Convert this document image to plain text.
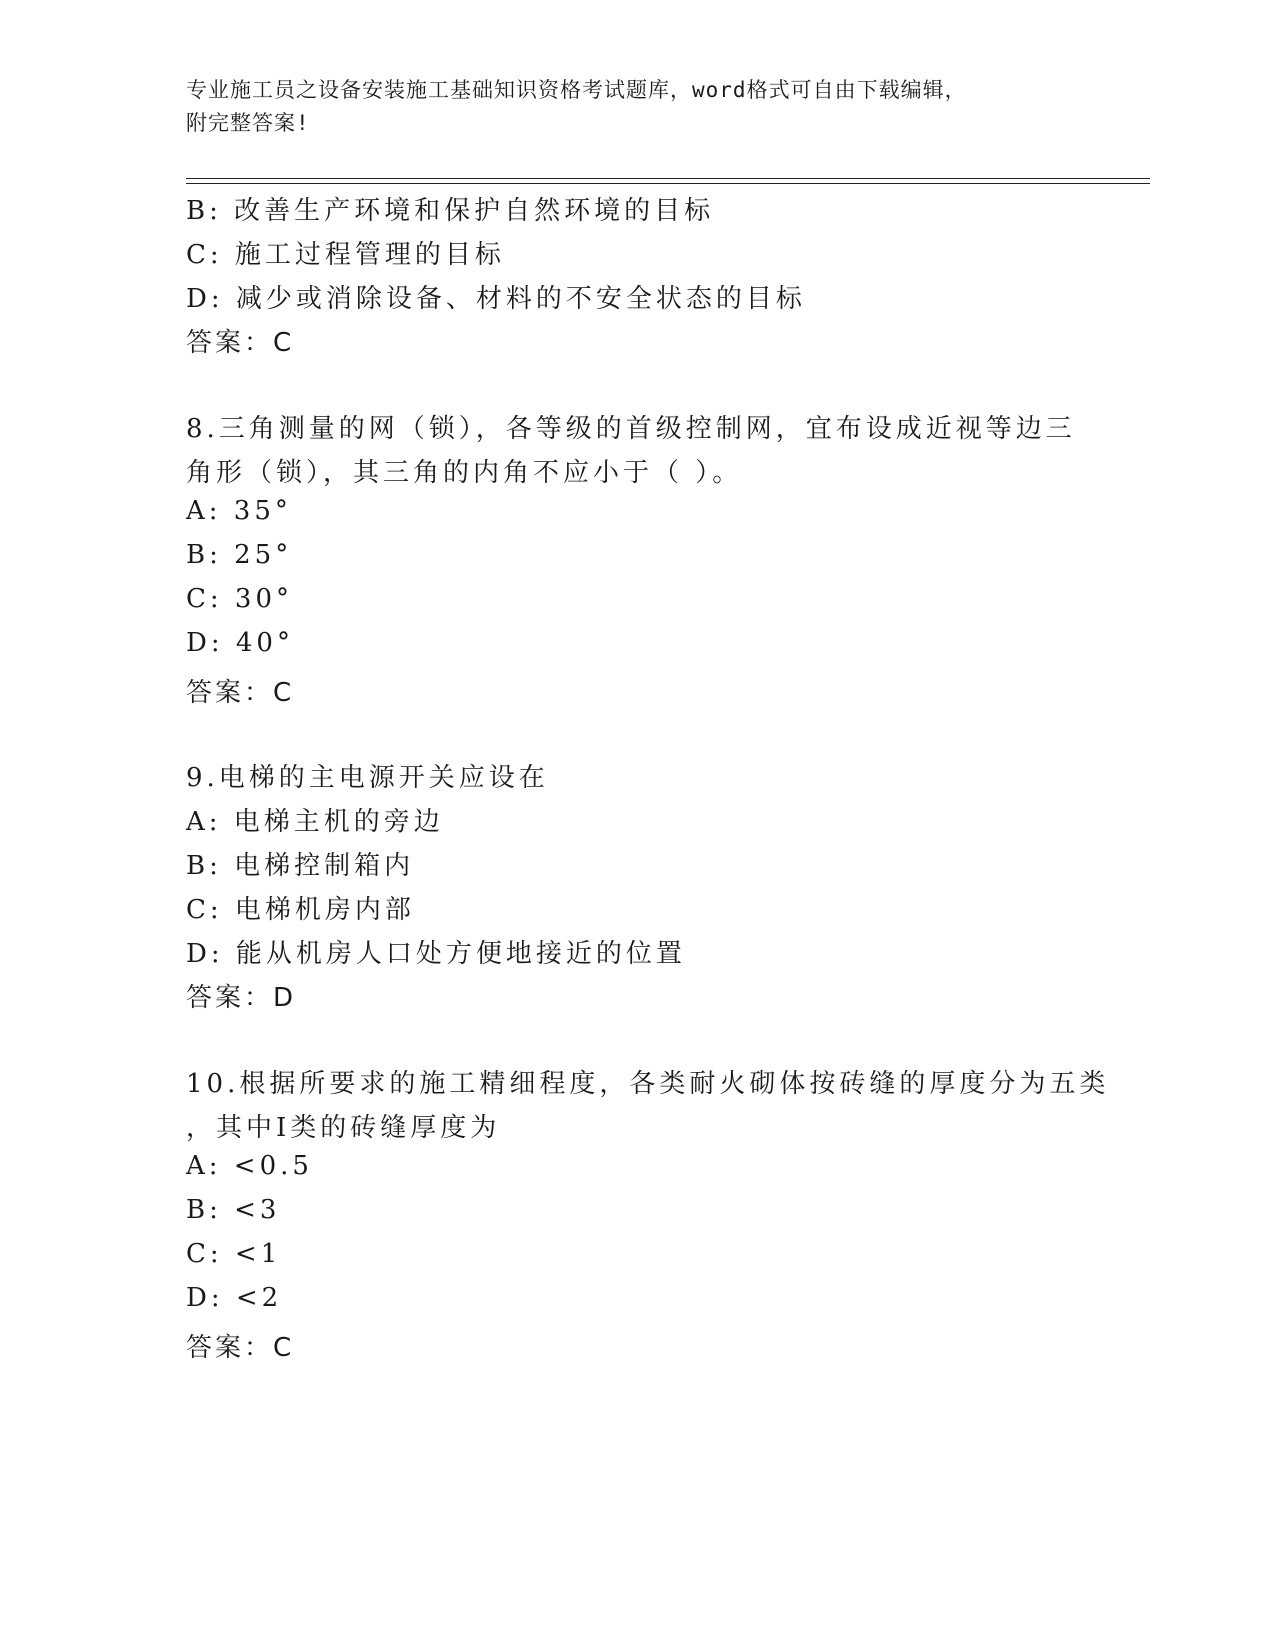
专业施工员之设备安装施工基础知识资格考试题库，word格式可自由下载编辑，
附完整答案!
B: 改善生产环境和保护自然环境的目标
C: 施工过程管理的目标
D: 减少或消除设备、材料的不安全状态的目标
答案：C
8.三角测量的网（锁），各等级的首级控制网，宜布设成近视等边三
角形（锁），其三角的内角不应小于（ ）。
A: 35°
B: 25°
C: 30°
D: 40°
答案：C
9.电梯的主电源开关应设在
A: 电梯主机的旁边
B: 电梯控制箱内
C: 电梯机房内部
D: 能从机房人口处方便地接近的位置
答案：D
10.根据所要求的施工精细程度，各类耐火砌体按砖缝的厚度分为五类
，其中Ⅰ类的砖缝厚度为
A: <0.5
B: <3
C: <1
D: <2
答案：C
